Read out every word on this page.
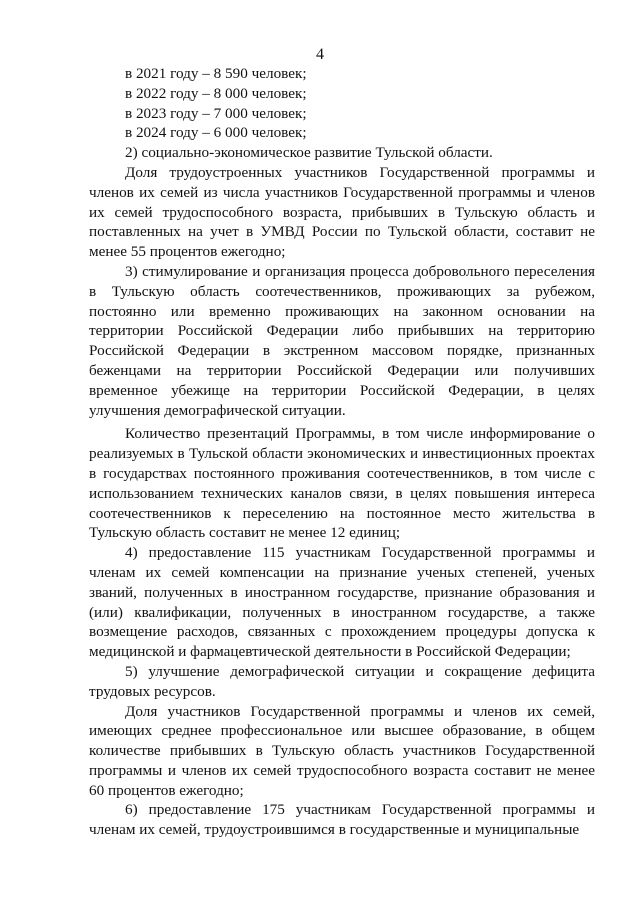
4

в 2021 году – 8 590 человек;

в 2022 году – 8 000 человек;

в 2023 году – 7 000 человек;

в 2024 году – 6 000 человек;

2) социально-экономическое развитие Тульской области.

Доля трудоустроенных участников Государственной программы и членов их семей из числа участников Государственной программы и членов их семей трудоспособного возраста, прибывших в Тульскую область и поставленных на учет в УМВД России по Тульской области, составит не менее 55 процентов ежегодно;

3) стимулирование и организация процесса добровольного переселения в Тульскую область соотечественников, проживающих за рубежом, постоянно или временно проживающих на законном основании на территории Российской Федерации либо прибывших на территорию Российской Федерации в экстренном массовом порядке, признанных беженцами на территории Российской Федерации или получивших временное убежище на территории Российской Федерации, в целях улучшения демографической ситуации.

Количество презентаций Программы, в том числе информирование о реализуемых в Тульской области экономических и инвестиционных проектах в государствах постоянного проживания соотечественников, в том числе с использованием технических каналов связи, в целях повышения интереса соотечественников к переселению на постоянное место жительства в Тульскую область составит не менее 12 единиц;

4) предоставление 115 участникам Государственной программы и членам их семей компенсации на признание ученых степеней, ученых званий, полученных в иностранном государстве, признание образования и (или) квалификации, полученных в иностранном государстве, а также возмещение расходов, связанных с прохождением процедуры допуска к медицинской и фармацевтической деятельности в Российской Федерации;

5) улучшение демографической ситуации и сокращение дефицита трудовых ресурсов.

Доля участников Государственной программы и членов их семей, имеющих среднее профессиональное или высшее образование, в общем количестве прибывших в Тульскую область участников Государственной программы и членов их семей трудоспособного возраста составит не менее 60 процентов ежегодно;

6) предоставление 175 участникам Государственной программы и членам их семей, трудоустроившимся в государственные и муниципальные
